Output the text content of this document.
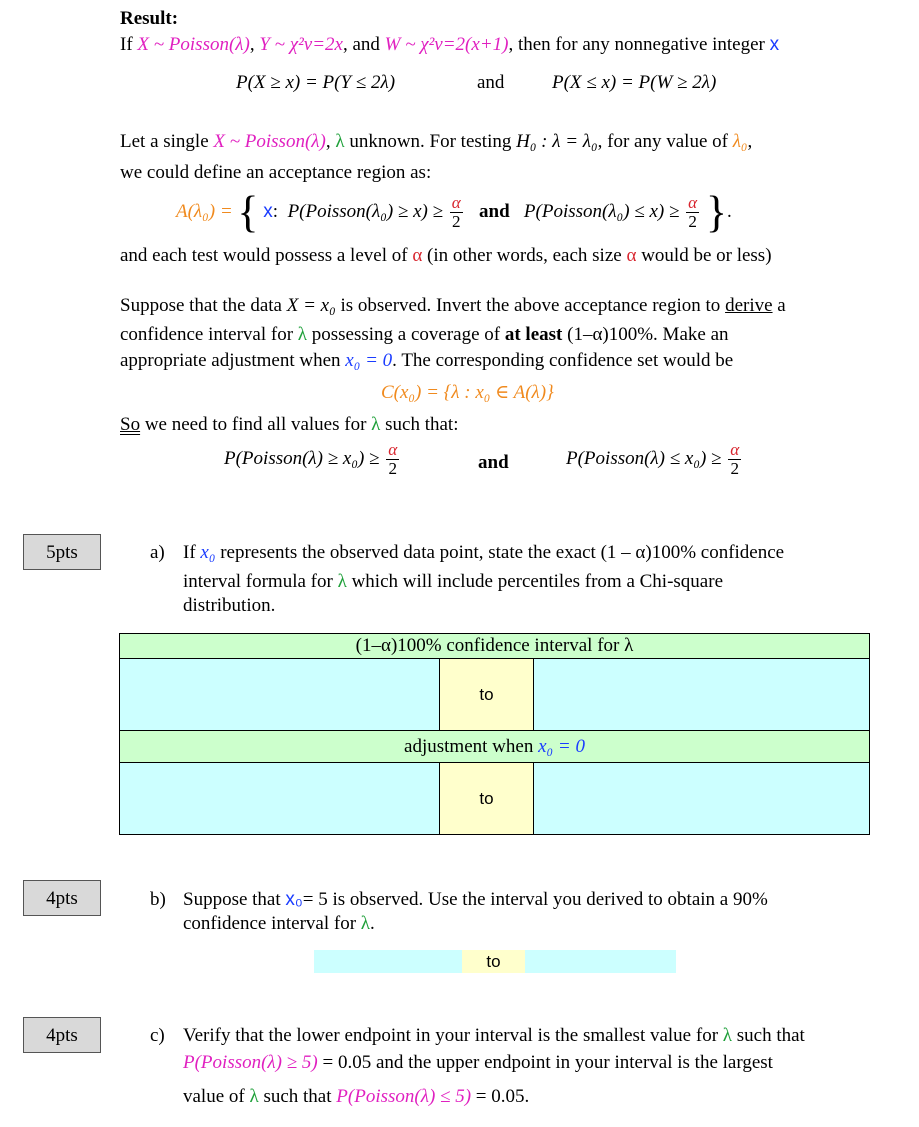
Result:
If X ~ Poisson(λ), Y ~ χ²ν=2x, and W ~ χ²ν=2(x+1), then for any nonnegative integer x
P(X ≥ x) = P(Y ≤ 2λ)	and	P(X ≤ x) = P(W ≥ 2λ)
Let a single X ~ Poisson(λ), λ unknown. For testing H₀ : λ = λ₀, for any value of λ₀,
we could define an acceptance region as:
A(λ₀) = { x:  P(Poisson(λ₀) ≥ $x) \ge \frac{\alpha}{2}$ and P(Poisson(λ₀) ≤ $x) \ge \frac{\alpha}{2}$ }.
and each test would possess a level of α (in other words, each size α would be or less)
Suppose that the data X = x₀ is observed. Invert the above acceptance region to derive a
confidence interval for λ possessing a coverage of at least (1–α)100%. Make an
appropriate adjustment when x₀ = 0. The corresponding confidence set would be
C(x₀) = {λ : x₀ ∈ A(λ)}
So we need to find all values for λ such that:
P(Poisson(λ) ≥ $x_0) \ge \frac{\alpha}{2}$	and	P(Poisson(λ) ≤ $x_0) \ge \frac{\alpha}{2}$
5pts	a) If x₀ represents the observed data point, state the exact (1 – α)100% confidence
interval formula for λ which will include percentiles from a Chi-square
distribution.
(1–α)100% confidence interval for λ		
	to	
adjustment when x₀ = 0		
	to	
4pts	b) Suppose that x₀= 5 is observed. Use the interval you derived to obtain a 90%
confidence interval for λ.
to
4pts	c) Verify that the lower endpoint in your interval is the smallest value for λ such that
P(Poisson(λ) ≥ 5) = 0.05 and the upper endpoint in your interval is the largest
value of λ such that P(Poisson(λ) ≤ 5) = 0.05.
